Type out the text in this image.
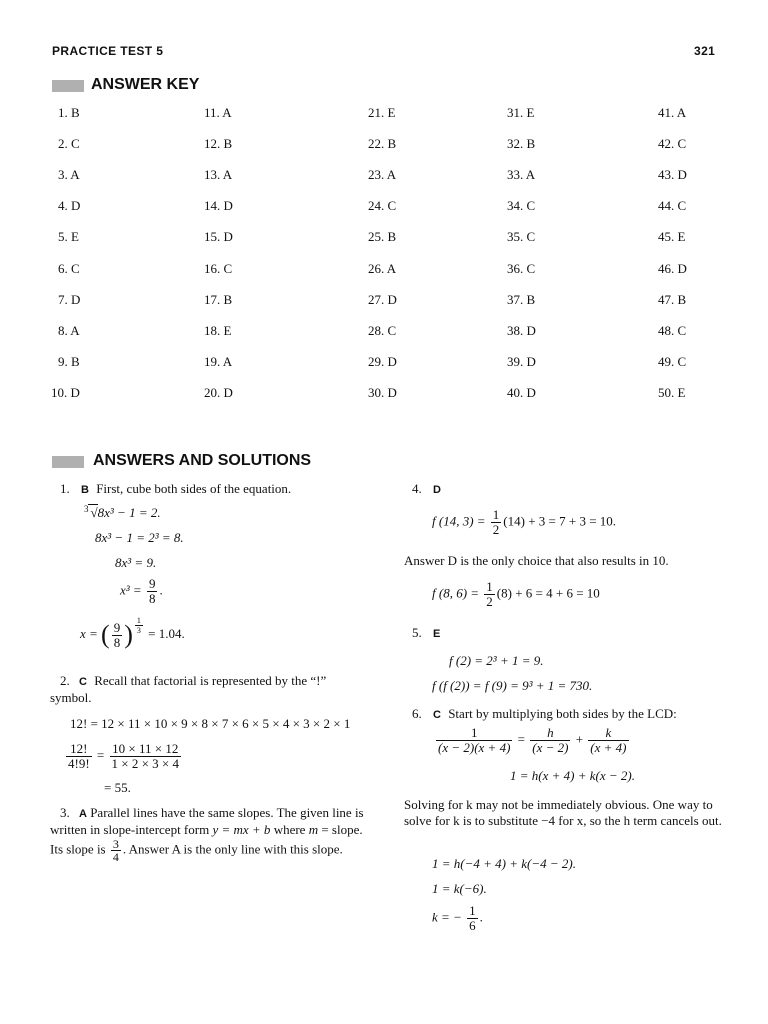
PRACTICE TEST 5	321
ANSWER KEY
1. B
2. C
3. A
4. D
5. E
6. C
7. D
8. A
9. B
10. D
11. A
12. B
13. A
14. D
15. D
16. C
17. B
18. E
19. A
20. D
21. E
22. B
23. A
24. C
25. B
26. A
27. D
28. C
29. D
30. D
31. E
32. B
33. A
34. C
35. C
36. C
37. B
38. D
39. D
40. D
41. A
42. C
43. D
44. C
45. E
46. D
47. B
48. C
49. C
50. E
ANSWERS AND SOLUTIONS
1. B First, cube both sides of the equation.
$^3$ √8x³ − 1 = 2.
8x³ − 1 = 2³ = 8.
8x³ = 9.
$x^3 = \frac{9}{8}$ .
x = ( $\frac{9}{8}$ ) $\frac{1}{3} = 1.04$.
2. C Recall that factorial is represented by the “!” symbol.
12! = 12 × 11 × 10 × 9 × 8 × 7 × 6 × 5 × 4 × 3 × 2 × 1
$\frac{12!}{4!9!} = \frac{10 \times 11 \times 12}{1 \times 2 \times 3 \times 4}$
= 55.
3. A Parallel lines have the same slopes. The given line is written in slope-intercept form y = mx + b where m = slope. Its slope is $\frac{3}{4}$ . Answer A is the only line with this slope.
4. D
f (14, $3) = \frac{1}{2} (14) + 3 = 7 + 3 = 10$.
Answer D is the only choice that also results in 10.
f (8, $6) = \frac{1}{2} (8) + 6 = 4 + 6 = 10$
5. E
f (2) = 2³ + 1 = 9.
f (f (2)) = f (9) = 9³ + 1 = 730.
6. C Start by multiplying both sides by the LCD:
$\frac{1}{(x - 2)(x + 4)} = \frac{h}{(x - 2)} + \frac{k}{(x + 4)}$
1 = h(x + 4) + k(x − 2).
Solving for k may not be immediately obvious. One way to solve for k is to substitute −4 for x, so the h term cancels out.
1 = h(−4 + 4) + k(−4 − 2).
1 = k(−6).
k = − $\frac{1}{6}$ .
